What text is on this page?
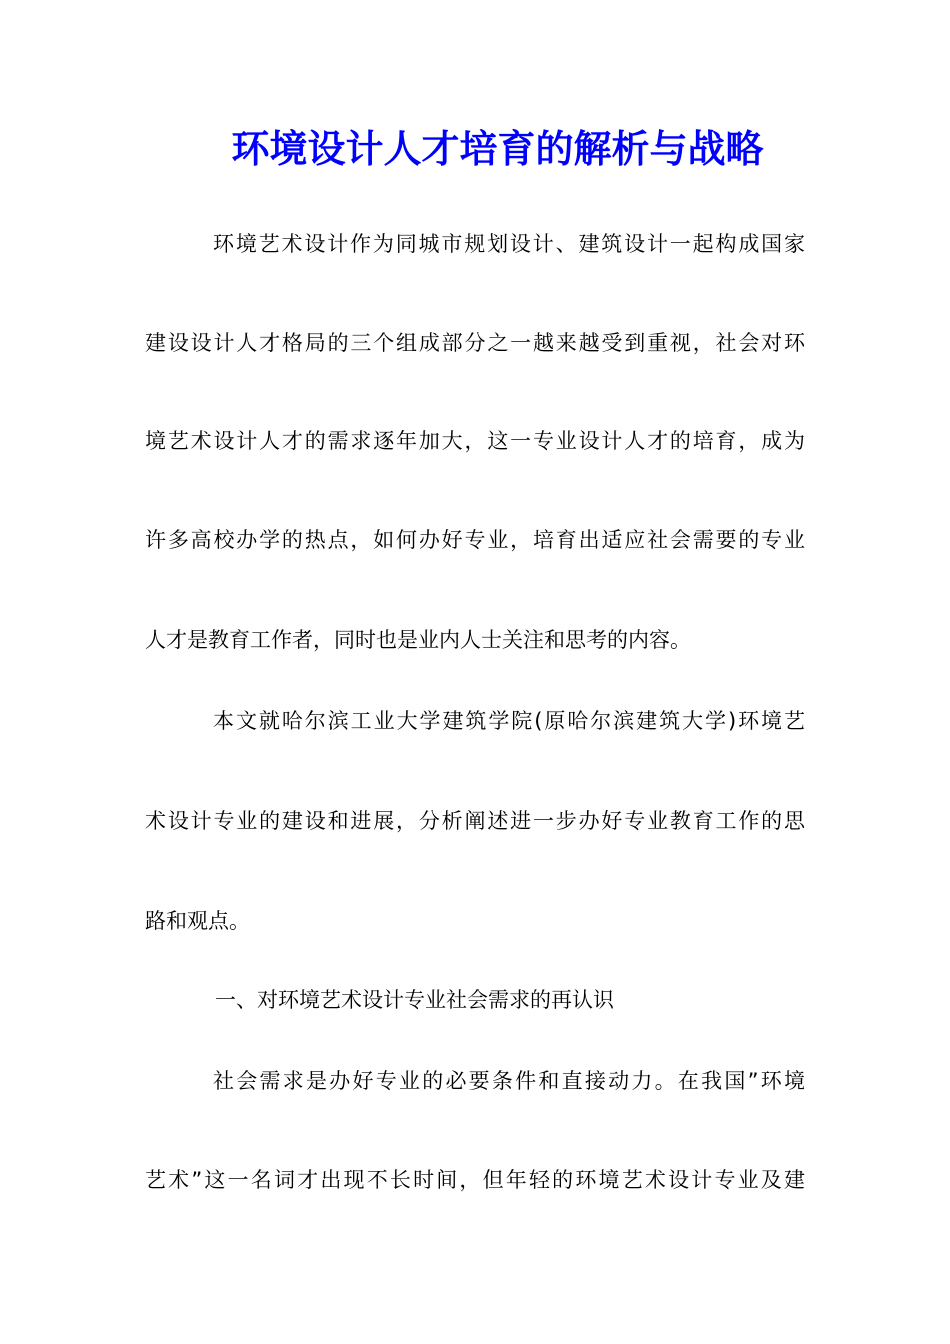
环境设计人才培育的解析与战略

环境艺术设计作为同城市规划设计、建筑设计一起构成国家

建设设计人才格局的三个组成部分之一越来越受到重视，社会对环

境艺术设计人才的需求逐年加大，这一专业设计人才的培育，成为

许多高校办学的热点，如何办好专业，培育出适应社会需要的专业

人才是教育工作者，同时也是业内人士关注和思考的内容。

本文就哈尔滨工业大学建筑学院(原哈尔滨建筑大学)环境艺

术设计专业的建设和进展，分析阐述进一步办好专业教育工作的思

路和观点。

一、对环境艺术设计专业社会需求的再认识

社会需求是办好专业的必要条件和直接动力。在我国”环境

艺术”这一名词才出现不长时间，但年轻的环境艺术设计专业及建
